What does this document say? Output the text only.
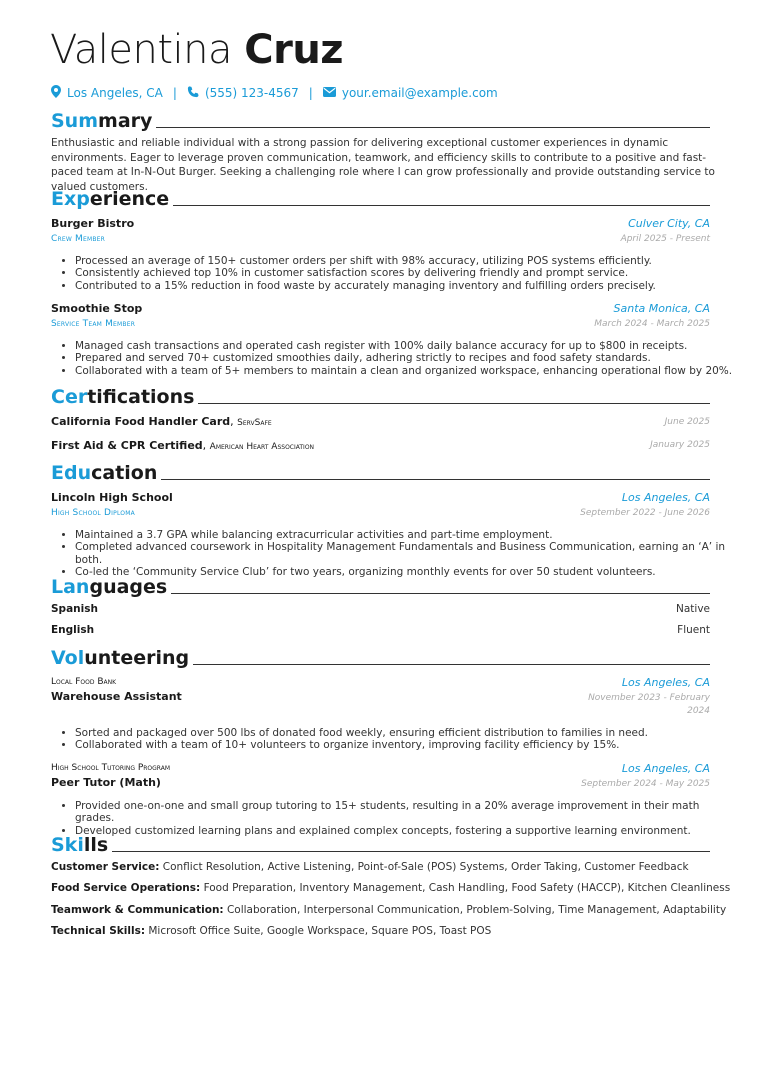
Valentina Cruz
Los Angeles, CA | (555) 123-4567 | your.email@example.com
Summary
Enthusiastic and reliable individual with a strong passion for delivering exceptional customer experiences in dynamic environments. Eager to leverage proven communication, teamwork, and efficiency skills to contribute to a positive and fast-paced team at In-N-Out Burger. Seeking a challenging role where I can grow professionally and provide outstanding service to valued customers.
Experience
Burger Bistro	Culver City, CA
Crew Member	April 2025 - Present
• Processed an average of 150+ customer orders per shift with 98% accuracy, utilizing POS systems efficiently.
• Consistently achieved top 10% in customer satisfaction scores by delivering friendly and prompt service.
• Contributed to a 15% reduction in food waste by accurately managing inventory and fulfilling orders precisely.
Smoothie Stop	Santa Monica, CA
Service Team Member	March 2024 - March 2025
• Managed cash transactions and operated cash register with 100% daily balance accuracy for up to $800 in receipts.
• Prepared and served 70+ customized smoothies daily, adhering strictly to recipes and food safety standards.
• Collaborated with a team of 5+ members to maintain a clean and organized workspace, enhancing operational flow by 20%.
Certifications
California Food Handler Card, ServSafe	June 2025
First Aid & CPR Certified, American Heart Association	January 2025
Education
Lincoln High School	Los Angeles, CA
High School Diploma	September 2022 - June 2026
• Maintained a 3.7 GPA while balancing extracurricular activities and part-time employment.
• Completed advanced coursework in Hospitality Management Fundamentals and Business Communication, earning an ‘A’ in both.
• Co-led the ‘Community Service Club’ for two years, organizing monthly events for over 50 student volunteers.
Languages
Spanish	Native
English	Fluent
Volunteering
Local Food Bank	Los Angeles, CA
Warehouse Assistant	November 2023 - February
2024
• Sorted and packaged over 500 lbs of donated food weekly, ensuring efficient distribution to families in need.
• Collaborated with a team of 10+ volunteers to organize inventory, improving facility efficiency by 15%.
High School Tutoring Program	Los Angeles, CA
Peer Tutor (Math)	September 2024 - May 2025
• Provided one-on-one and small group tutoring to 15+ students, resulting in a 20% average improvement in their math grades.
• Developed customized learning plans and explained complex concepts, fostering a supportive learning environment.
Skills
Customer Service: Conflict Resolution, Active Listening, Point-of-Sale (POS) Systems, Order Taking, Customer Feedback
Food Service Operations: Food Preparation, Inventory Management, Cash Handling, Food Safety (HACCP), Kitchen Cleanliness
Teamwork & Communication: Collaboration, Interpersonal Communication, Problem-Solving, Time Management, Adaptability
Technical Skills: Microsoft Office Suite, Google Workspace, Square POS, Toast POS
